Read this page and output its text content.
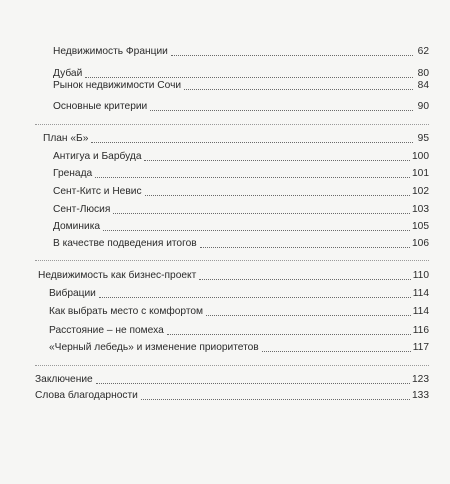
Недвижимость Франции	62
Дубай	80
Рынок недвижимости Сочи	84
Основные критерии	90
План «Б»	95
Антигуа и Барбуда	100
Гренада	101
Сент-Китс и Невис	102
Сент-Люсия	103
Доминика	105
В качестве подведения итогов	106
Недвижимость как бизнес-проект	110
Вибрации	114
Как выбрать место с комфортом	114
Расстояние – не помеха	116
«Черный лебедь» и изменение приоритетов	117
Заключение	123
Слова благодарности	133
